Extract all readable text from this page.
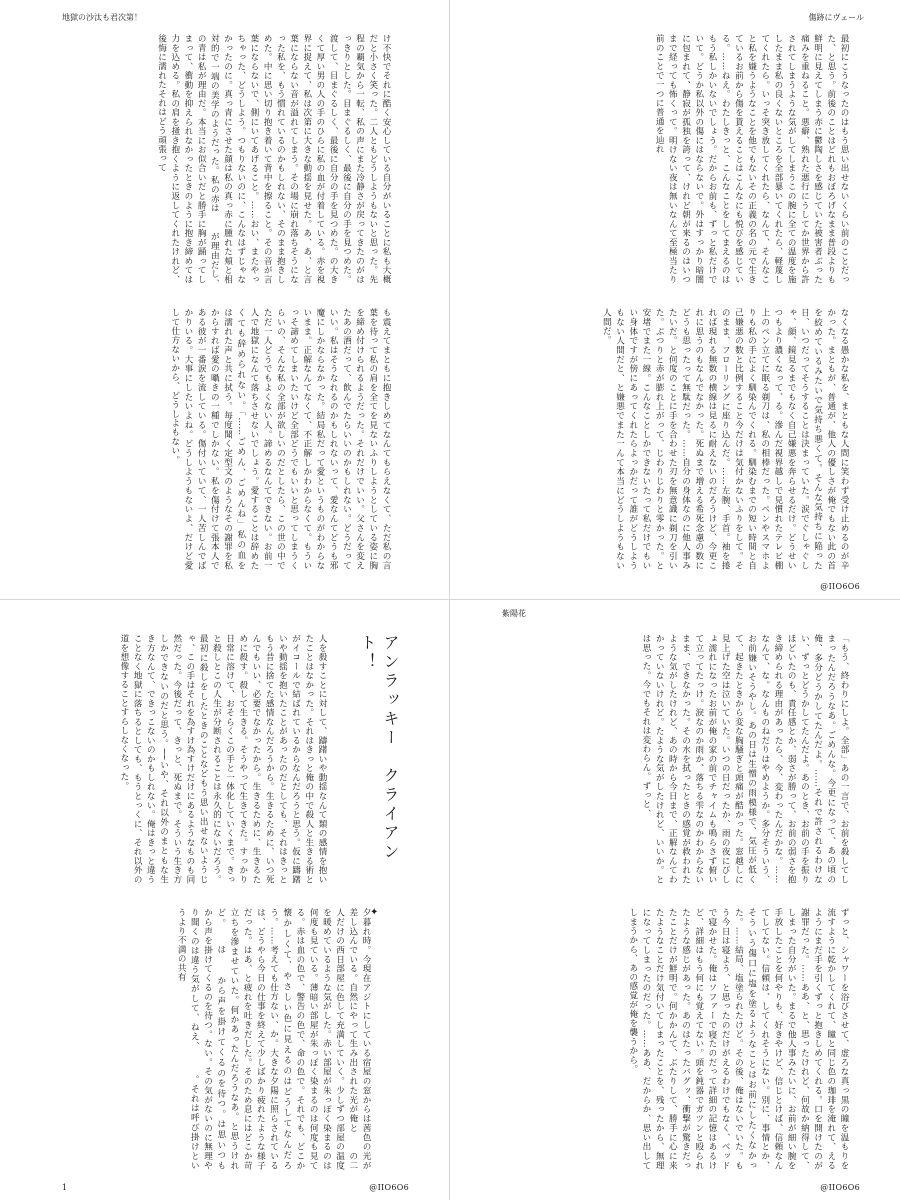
地獄の沙汰も君次第！
け不快でそれに酷く安心している自分がいることに私も大概だと小さく笑った。二人ともどうしようもないと思った。先程の覇気から一転、私の声にまた冷静さが戻ってきたのがはっきりとした。目まぐるしく、最後に自分の手を見つめた。渡して、目まぐるしく、最後に自分の手を見つめた。の大きくて厚い男の人の手のひらに私の血が付着している。赤を視界に捉えて、私は次第に大きな動揺を見せた。あ、あ、と言葉にならない音が溢れてしまう。その場に崩れ落ちそうになった私を、もう慣れているのかもしれない、そのまま抱きしめた。中に思い切り抱き着いて背中を擦ること。その音が言葉にならないで、側にいてあげること。……おい、またやっちゃった、どうしよう。つもりないのに、こんなはずじゃなかったのに。真っ青にさせた顔は私の真っ赤に腫れた頬と相対的で一端の美学のようだった。私の赤は　　が理由だし、　の青は私が理由だ。本当にお似合いだと勝手に胸が踊ってしまって、衝動を抑えられなかったときのように抱き締めては力を込める。私の肩を掻き抱くように返してくれたけれど、後悔に濡れたそれはどう頑張って
も震えてまともに抱きしめてなんてもらえなくて、ただ私の言葉を待って私の肩を全てを見ないふりしようとしている姿に胸を締め付けられるようだった。それだけでいい。父さんを変えたあの酒だって、飲んでたらいいのかもしれない。どうだっていい。私はそうなれるのかもしれないって、愛なんてどうも邪魔にしかならなかった。結局私だって愛というものがわからないまま。正解なんてなくて、不正解しかわからなくて。もういっそ諦めてしまいたいけど全部どうでもいいと思ってしまうくらいの、そんな私の全部が欲しいのだとしたら、この世の中でただ一人どうでもよくない人。諦めるなんてできない。お前一人で地獄になんて落ちさせないでしょう。愛することは辞めたくても辞められない。「……ごめん、ごめんね」私の血を　　は濡れた声と共に拭う。毎度聞く定型文のようなその謝罪を私からすれば愛の囁きの一種でしかない。私を傷付けて張本人である彼が一番涙を流している。傷付いていて、一人苦しんでばかりいる。大事にしたいよね。どうしようもないよ、だけど愛して仕方ないから、どうしよもない。
傷跡にヴェール
最初にこうなったのはもう思い出せないくらい前のことだった、と思う。前後のことはどれもおぼろげなまま普段よりも鮮明に見えてしまう赤に鬱陶しさを感じていた被害者ぶった痛みを重ねること。悪癖、熟れた悪行にうしてか世界から許されてしまうような気がしてしまうこの腕に全ての温度を施したまま私の良くないところを全部暴いてくれたら、軽蔑してくれたら。いっそ突き放してくれたら、なんて、そんなこと私を嫌うようなことを他でもないその正義の名の元で生きているお前から傷を貰えることはこんなにも悦びを感じている。……ねえ。わたしきっと、こんなことをしてまえるのはもう私しかいないでしょう。だからお前も、ずっと私だけでいて。どうか私以外の傷にはならないで。外はすっかり暗闇に包まれて、静寂が孤独を誇って、けれど朝が来るのはいつまで経っても怖くって。明けない夜は無いなんて至極当たり前のことで一つに普通を辿れ
なくなる愚かな私を、まともな人間に笑わず受け止めるのが辛かった。まともが、普通が、他人の優しさが俺でもない此の首を絞めているみたいで気持ち悪くて。そんな気持ちに陥った日、いつだってそうすることは決まっていた。涙でぐしゃぐしゃ、顔、鏡見るまでもなく自己嫌悪を奔らせるだけ。どうせいつもより濃くなって、る。滲んだ視界越しで見慣れたテレビ棚上のペン立てに眠る剃刀は、私の相棒だった。ペンやスマホよりも私の手によく馴染んでくれる。馴染むまでの短い時間と自己嫌悪の数と比例すること今だけは気付かないふりをして。そのまま、フローリングに座り込んだ。……左腕、手首。袖を捲れば現れる無数の横線は見るに耐えないのだろうけど、今更これに思うのもなんでなかった。死ぬまで増える希死念慮の数にどうも思ったって無駄だった。……自分の身体なのに他人事みたいだ。と何度のことに手を合わせた刃を無意識に剃刀を引いた。ぷつりと赤が膨れ上がって、じわりじわりと零かった。と安堵でまた一線。こんなことしかできないたって私だけでもいい身体ですが傍にあってくれたらよっかだって誰がどうしようもない人間だと、と嫌悪でまた一んて本当にどうしようもない人間だ。
@IIO6O6
アンラッキー　クライアント！
人を殺すことに対して、躊躇いや動揺なんて類の感情を抱いたことはなかった。それはきっと俺の中で殺人と生きる術とがイコールで結ばれているからなんだろうと思う。仮に躊躇いや動揺を抱いたことがあったのだとしても、それはきっともう昔に捨てた感情なんだろうから。生きるために、いつ死んでもいい、必要でなかったから。生きるために、生きるために殺す。殺して生きる。そうやって生きてきた。すっかり日常に溶けて、おそらくこの手と一体化していくまで。きっと殺しとこの人生が分断されることは永久的にないだろう。最初に殺しをしたときのことなどもう思い出せないようじゃ、この手はそれを為すけ為すけだけにあるようなものも同然だった。今後だって、きっと、死ぬまで。そういう生き方しかできないのだと思う。──いや、それ以外のまともな生き方なんて、できっこないのかもしれない。俺はきっと違うことなく地獄に落ちるとしても、もうとっくに、それ以外の道を想像することすらしなくなった。
✦
夕暮れ時。今現在アジトにしている宿屋の窓からは茜色の光が差し込んでいる。自然にやって生み出された光が俺と　　の二人だけの西日部屋に色して充満していく。少しずつ部屋の温度を暖めているような気がした。赤い部屋が朱っぽく染まるのは何度も見ている。薄暗い部屋が朱っぽく染まるのは何度も見てる。赤は血の色で、警告の色で、命の色で。それでも、どこか懐かしくて、やさしい色に見えるのはどうしてなんだろう。……考えても仕方ない、か。大きな夕陽に照らされている　　は、どうやら今日の仕事を終えて少しばかり疲れたような様子だった。はあ、と疲れを吐きだした。そのため息にはどこか苛立ちを滲ませていた。何かあったんだろうなあ。と思うけれど。　　は　　から声を掛けてくるのを待つ。は思いつも　　から声を掛けてくるのを待つ。ない。その気がないのに無理やり聞くのは違う気がして、ねえ、　　　。それは呼び掛けというより不満の共有
1	@IIO6O6
紫陽花
「もう、終わりにしよ。全部」あの一言で、お前を殺してしまったんだろうなあ。ごめんな。今更になって、あの頃の俺、多分どうかしてたんだよ。……それで許されるわけない、ずっとどうかしてたんだよ。あのとき、お前の手を振りほどいたのも、責任感とか、弱さが勝って、お前の弱さを抱き締められる理由があったら、今、変わったんだかな。……なんて、な。なんものねだりはやめようか。多分そういう、お前嫌いそうやし。あの日は生憎の雨模様で、気圧が低くて、起きたときから変な胸騒ぎと頭痛が酷かった。窓越しに見上げた空は泣いていた。いつの日だったか、雨の夜にびしょ濡れになったお前が俺の家の前でチャイムも鳴らさず俯いて立ってたっけ。涙なのか雨か、落ちる雫なのかわからないまま、できなかった。その水を拭ったときの感覚が救われたような気がしたけれど、あの時から今日まで、正解なんてわかっていないけれど。たような気がしたけれど、いいか。とは思った。今でもそれは変わらん。ずっと、
ずっと、シャワーを浴びさせて、虚ろな真っ黒の瞳を温もりを流すように乾かしてくれて、瞳と同じ色の珈琲を淹れて、えるようにまだ手を引くずっと抱きしめてくれる。口を開けたのが謝罪だった。……ああ、と、思ったけれど、何故か納得して、しまった自分がいた。まるで他人事みたいに、お前が細い腕を手放したことを何やりも、好きやけど、信じとけば、信頼なんてしてない。信頼は、してくれそうにない。別に、事情とか、そういう傷口に塩を塗るようなことはお前にしたくなかった。……結局、塩塗られたけど。その後、俺はないでいた。もう今日は寝よう、と思ったのだけがえるわけでもなく、ベッドで寝かせた。俺はソファーで寝たのだって詳細の記憶はあるけど、詳細はもう何にも覚えてない。頭を鈍器でガツンと殴られたような感じがあった。あのはたったバグッ、衝撃が驚きだったことだけが鮮明で。何かかんて、ぶたりして、勝手に心に来たようなことだけ気付いてしまったことを、残ったから、無理になってしまったのだった。……ああ、だからか、思い出してしまうから、あの感覚が俺を襲うから。
@IIO6O6
